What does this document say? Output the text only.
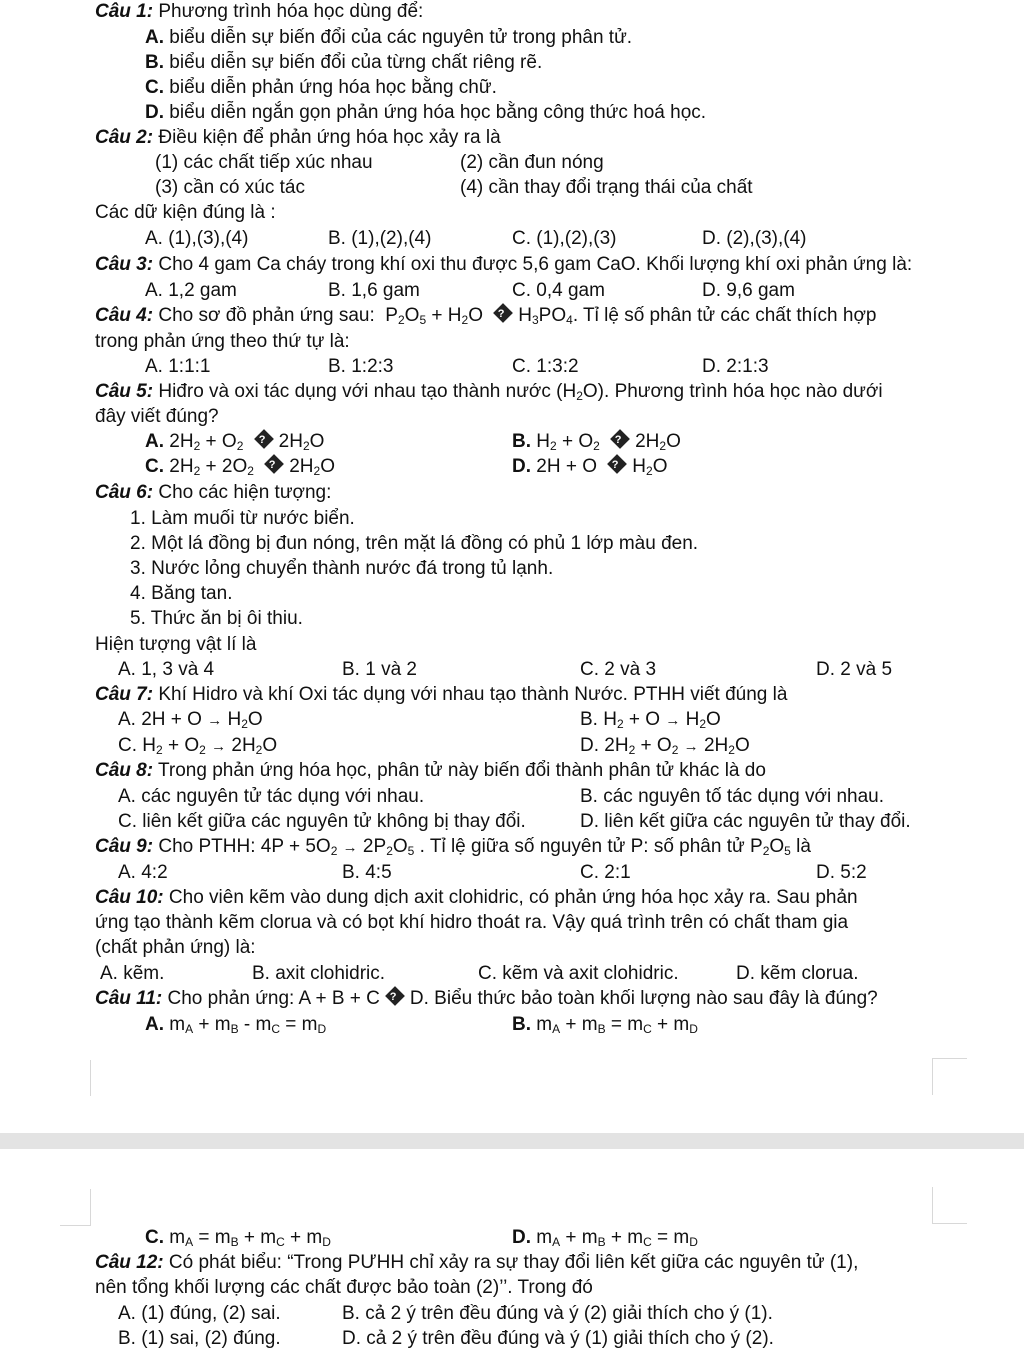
Câu 1: Phương trình hóa học dùng để:
A. biểu diễn sự biến đổi của các nguyên tử trong phân tử.
B. biểu diễn sự biến đổi của từng chất riêng rẽ.
C. biểu diễn phản ứng hóa học bằng chữ.
D. biểu diễn ngắn gọn phản ứng hóa học bằng công thức hoá học.
Câu 2: Điều kiện để phản ứng hóa học xảy ra là
(1) các chất tiếp xúc nhau	(2) cần đun nóng
(3) cần có xúc tác	(4) cần thay đổi trạng thái của chất
Các dữ kiện đúng là :
A. (1),(3),(4)	B. (1),(2),(4)	C. (1),(2),(3)	D. (2),(3),(4)
Câu 3: Cho 4 gam Ca cháy trong khí oxi thu được 5,6 gam CaO. Khối lượng khí oxi phản ứng là:
A. 1,2 gam	B. 1,6 gam	C. 0,4 gam	D. 9,6 gam
Câu 4: Cho sơ đồ phản ứng sau:  $P_2O_5 + H_2O$ $?H_3PO_4$. Tỉ lệ số phân tử các chất thích hợp
trong phản ứng theo thứ tự là:
A. 1:1:1	B. 1:2:3	C. 1:3:2	D. 2:1:3
Câu 5: Hiđro và oxi tác dụng với nhau tạo thành nước $(H_2O)$. Phương trình hóa học nào dưới
đây viết đúng?
A. $2H_2 + O_2$ ? $2H_2O$	B. $H_2 + O_2$ ? $2H_2O$
C. $2H_2 + 2O_2$ ? $2H_2O$	D. 2H + O $?H_2O$
Câu 6: Cho các hiện tượng:
1. Làm muối từ nước biển.
2. Một lá đồng bị đun nóng, trên mặt lá đồng có phủ 1 lớp màu đen.
3. Nước lỏng chuyển thành nước đá trong tủ lạnh.
4. Băng tan.
5. Thức ăn bị ôi thiu.
Hiện tượng vật lí là
A. 1, 3 và 4	B. 1 và 2	C. 2 và 3	D. 2 và 5
Câu 7: Khí Hidro và khí Oxi tác dụng với nhau tạo thành Nước. PTHH viết đúng là
A. $2H + O \to H_2O$	B. $H_2 + O \to H_2O$
C. $H_2 + O_2 \to 2H_2O$	D. $2H_2 + O_2 \to 2H_2O$
Câu 8: Trong phản ứng hóa học, phân tử này biến đổi thành phân tử khác là do
A. các nguyên tử tác dụng với nhau.	B. các nguyên tố tác dụng với nhau.
C. liên kết giữa các nguyên tử không bị thay đổi.	D. liên kết giữa các nguyên tử thay đổi.
Câu 9: Cho PTHH: $4P + 5O_2 \to 2P_2O_5$ . Tỉ lệ giữa số nguyên tử P: số phân tử $P_2O_5$ là
A. 4:2	B. 4:5	C. 2:1	D. 5:2
Câu 10: Cho viên kẽm vào dung dịch axit clohidric, có phản ứng hóa học xảy ra. Sau phản
ứng tạo thành kẽm clorua và có bọt khí hidro thoát ra. Vậy quá trình trên có chất tham gia
(chất phản ứng) là:
A. kẽm.	B. axit clohidric.	C. kẽm và axit clohidric.	D. kẽm clorua.
Câu 11: Cho phản ứng: A + B + C ? D. Biểu thức bảo toàn khối lượng nào sau đây là đúng?
A. $m_A + m_B - m_C = m_D$	B. $m_A + m_B = m_C + m_D$
C. $m_A = m_B + m_C + m_D$	D. $m_A + m_B + m_C = m_D$
Câu 12: Có phát biểu: “Trong PƯHH chỉ xảy ra sự thay đổi liên kết giữa các nguyên tử (1),
nên tổng khối lượng các chất được bảo toàn (2)’’. Trong đó
A. (1) đúng, (2) sai.	B. cả 2 ý trên đều đúng và ý (2) giải thích cho ý (1).
B. (1) sai, (2) đúng.	D. cả 2 ý trên đều đúng và ý (1) giải thích cho ý (2).
